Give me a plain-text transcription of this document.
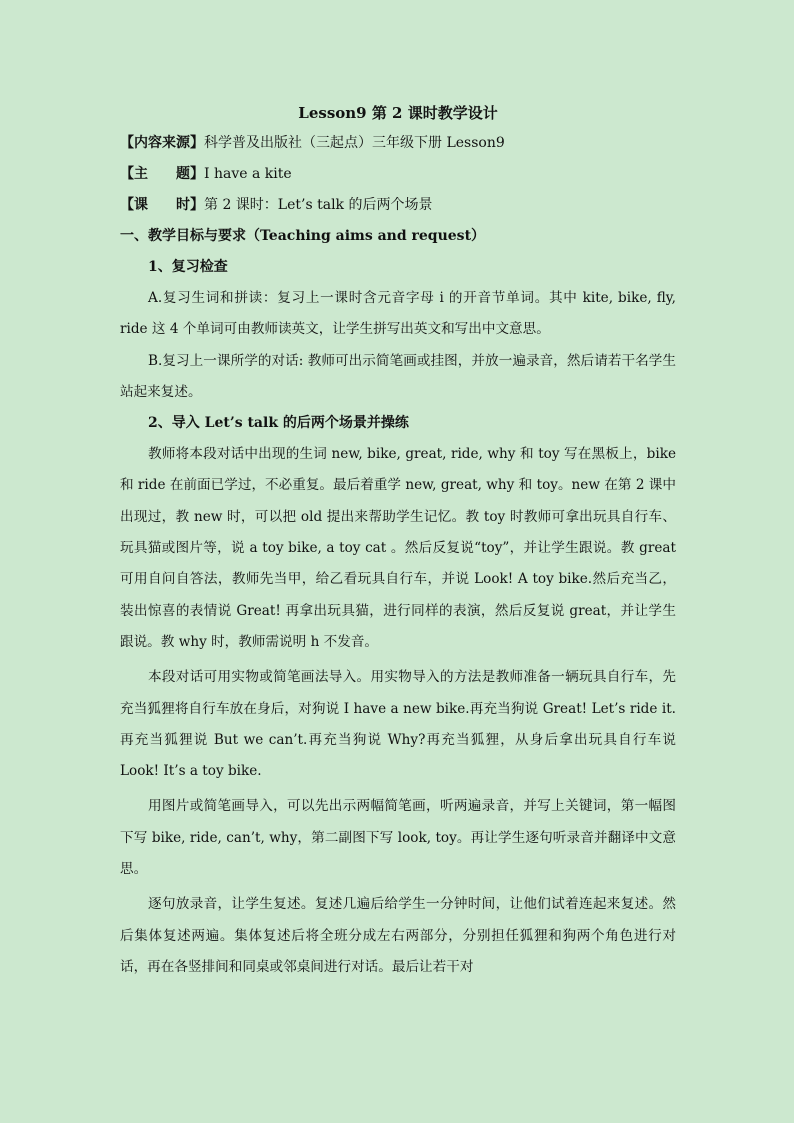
Lesson9 第 2 课时教学设计
【内容来源】科学普及出版社（三起点）三年级下册 Lesson9
【主　　题】I have a kite
【课　　时】第 2 课时：Let’s talk 的后两个场景
一、教学目标与要求（Teaching aims and request）
1、复习检查

A.复习生词和拼读：复习上一课时含元音字母 i 的开音节单词。其中 kite, bike, fly, ride 这 4 个单词可由教师读英文，让学生拼写出英文和写出中文意思。

B.复习上一课所学的对话: 教师可出示简笔画或挂图，并放一遍录音，然后请若干名学生站起来复述。

2、导入 Let’s talk 的后两个场景并操练

教师将本段对话中出现的生词 new, bike, great, ride, why 和 toy 写在黑板上，bike 和 ride 在前面已学过，不必重复。最后着重学 new, great, why 和 toy。new 在第 2 课中出现过，教 new 时，可以把 old 提出来帮助学生记忆。教 toy 时教师可拿出玩具自行车、玩具猫或图片等，说 a toy bike, a toy cat 。然后反复说“toy”，并让学生跟说。教 great 可用自问自答法，教师先当甲，给乙看玩具自行车，并说 Look! A toy bike.然后充当乙，装出惊喜的表情说 Great! 再拿出玩具猫，进行同样的表演，然后反复说 great，并让学生跟说。教 why 时，教师需说明 h 不发音。

本段对话可用实物或简笔画法导入。用实物导入的方法是教师准备一辆玩具自行车，先充当狐狸将自行车放在身后，对狗说 I have a new bike.再充当狗说 Great! Let’s ride it.再充当狐狸说 But we can’t.再充当狗说 Why?再充当狐狸，从身后拿出玩具自行车说 Look! It’s a toy bike.

用图片或简笔画导入，可以先出示两幅简笔画，听两遍录音，并写上关键词，第一幅图下写 bike, ride, can’t, why，第二副图下写 look, toy。再让学生逐句听录音并翻译中文意思。

逐句放录音，让学生复述。复述几遍后给学生一分钟时间，让他们试着连起来复述。然后集体复述两遍。集体复述后将全班分成左右两部分，分别担任狐狸和狗两个角色进行对话，再在各竖排间和同桌或邻桌间进行对话。最后让若干对
